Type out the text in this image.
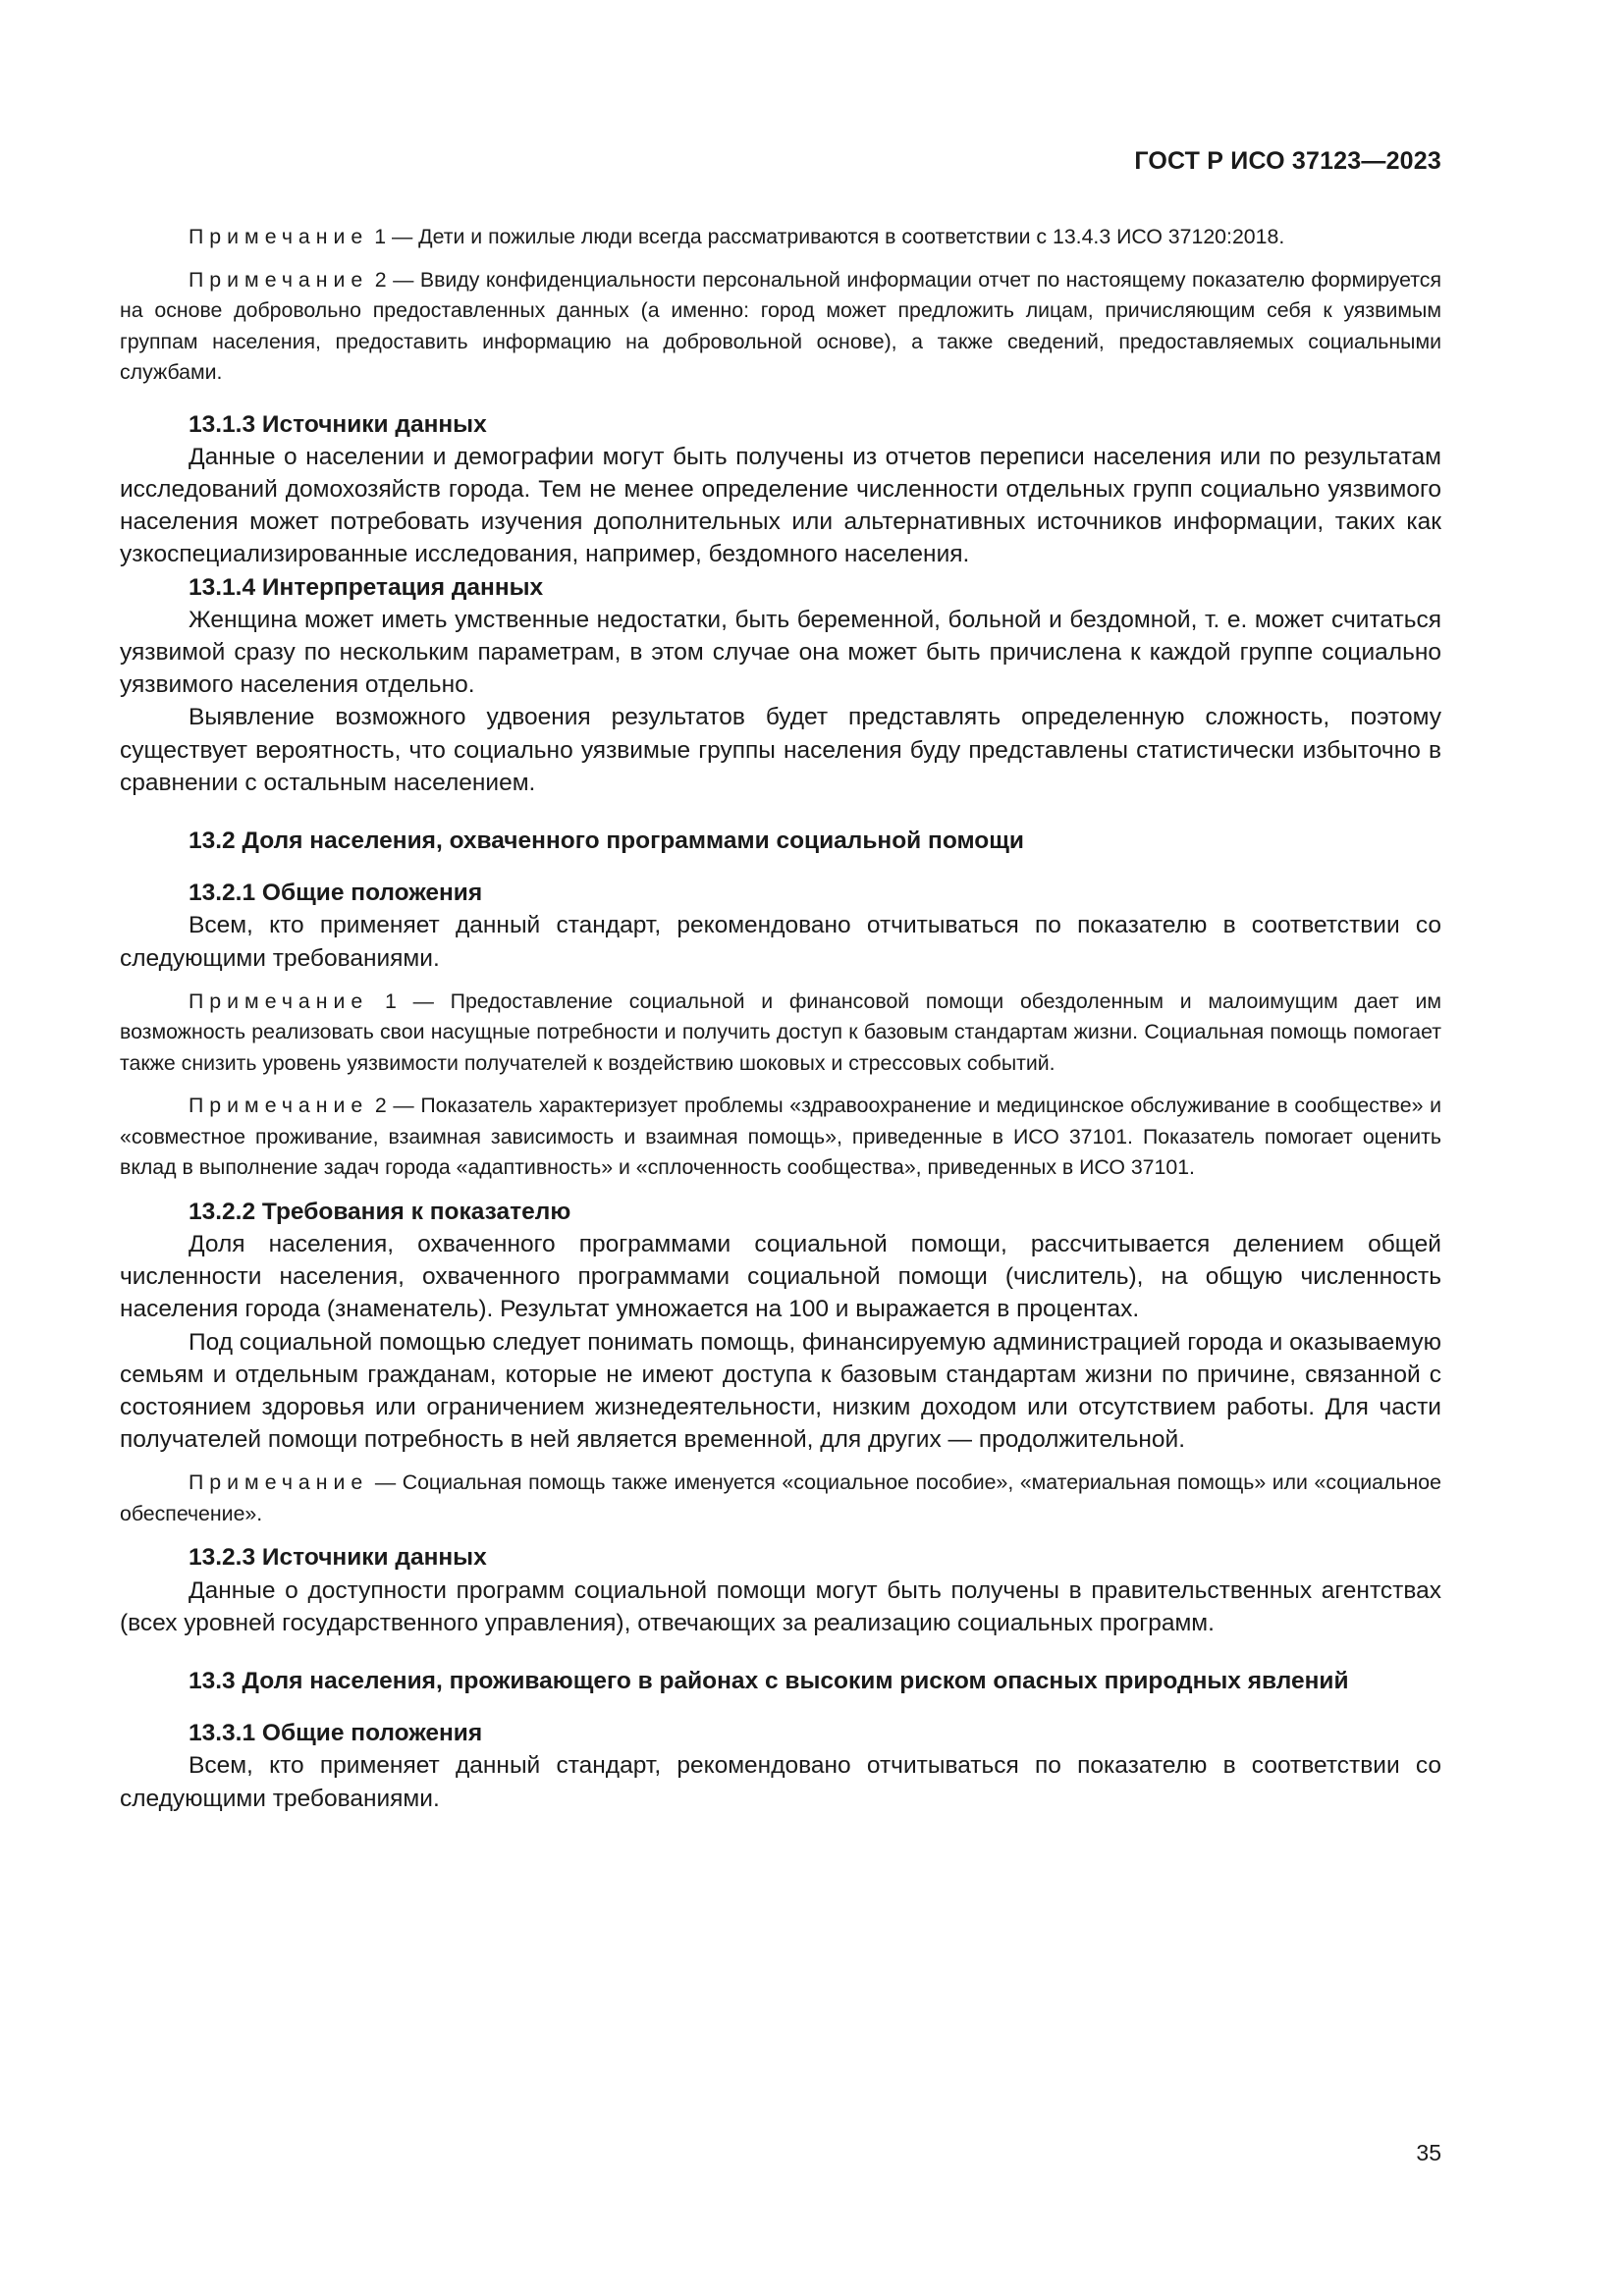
ГОСТ Р ИСО 37123—2023

Примечание 1 — Дети и пожилые люди всегда рассматриваются в соответствии с 13.4.3 ИСО 37120:2018.

Примечание 2 — Ввиду конфиденциальности персональной информации отчет по настоящему показателю формируется на основе добровольно предоставленных данных (а именно: город может предложить лицам, причисляющим себя к уязвимым группам населения, предоставить информацию на добровольной основе), а также сведений, предоставляемых социальными службами.

13.1.3 Источники данных

Данные о населении и демографии могут быть получены из отчетов переписи населения или по результатам исследований домохозяйств города. Тем не менее определение численности отдельных групп социально уязвимого населения может потребовать изучения дополнительных или альтернативных источников информации, таких как узкоспециализированные исследования, например, бездомного населения.

13.1.4 Интерпретация данных

Женщина может иметь умственные недостатки, быть беременной, больной и бездомной, т. е. может считаться уязвимой сразу по нескольким параметрам, в этом случае она может быть причислена к каждой группе социально уязвимого населения отдельно.

Выявление возможного удвоения результатов будет представлять определенную сложность, поэтому существует вероятность, что социально уязвимые группы населения буду представлены статистически избыточно в сравнении с остальным населением.

13.2 Доля населения, охваченного программами социальной помощи

13.2.1 Общие положения

Всем, кто применяет данный стандарт, рекомендовано отчитываться по показателю в соответствии со следующими требованиями.

Примечание 1 — Предоставление социальной и финансовой помощи обездоленным и малоимущим дает им возможность реализовать свои насущные потребности и получить доступ к базовым стандартам жизни. Социальная помощь помогает также снизить уровень уязвимости получателей к воздействию шоковых и стрессовых событий.

Примечание 2 — Показатель характеризует проблемы «здравоохранение и медицинское обслуживание в сообществе» и «совместное проживание, взаимная зависимость и взаимная помощь», приведенные в ИСО 37101. Показатель помогает оценить вклад в выполнение задач города «адаптивность» и «сплоченность сообщества», приведенных в ИСО 37101.

13.2.2 Требования к показателю

Доля населения, охваченного программами социальной помощи, рассчитывается делением общей численности населения, охваченного программами социальной помощи (числитель), на общую численность населения города (знаменатель). Результат умножается на 100 и выражается в процентах.

Под социальной помощью следует понимать помощь, финансируемую администрацией города и оказываемую семьям и отдельным гражданам, которые не имеют доступа к базовым стандартам жизни по причине, связанной с состоянием здоровья или ограничением жизнедеятельности, низким доходом или отсутствием работы. Для части получателей помощи потребность в ней является временной, для других — продолжительной.

Примечание — Социальная помощь также именуется «социальное пособие», «материальная помощь» или «социальное обеспечение».

13.2.3 Источники данных

Данные о доступности программ социальной помощи могут быть получены в правительственных агентствах (всех уровней государственного управления), отвечающих за реализацию социальных программ.

13.3 Доля населения, проживающего в районах с высоким риском опасных природных явлений

13.3.1 Общие положения

Всем, кто применяет данный стандарт, рекомендовано отчитываться по показателю в соответствии со следующими требованиями.

35
